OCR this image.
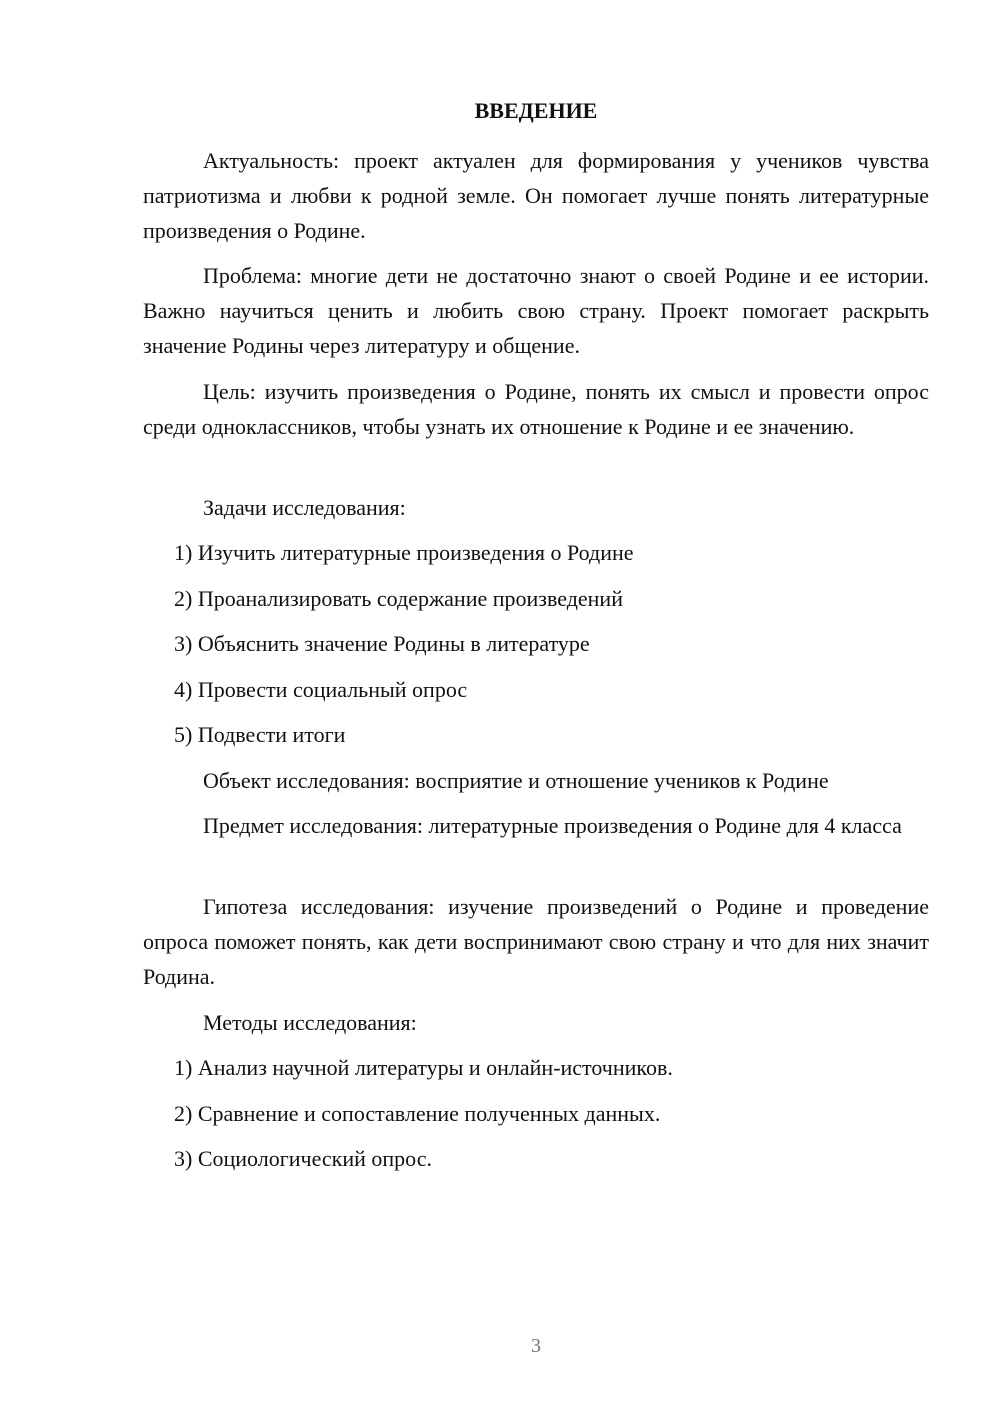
ВВЕДЕНИЕ
Актуальность: проект актуален для формирования у учеников чувства патриотизма и любви к родной земле. Он помогает лучше понять литературные произведения о Родине.
Проблема: многие дети не достаточно знают о своей Родине и ее истории. Важно научиться ценить и любить свою страну. Проект помогает раскрыть значение Родины через литературу и общение.
Цель: изучить произведения о Родине, понять их смысл и провести опрос среди одноклассников, чтобы узнать их отношение к Родине и ее значению.
Задачи исследования:
1) Изучить литературные произведения о Родине
2) Проанализировать содержание произведений
3) Объяснить значение Родины в литературе
4) Провести социальный опрос
5) Подвести итоги
Объект исследования: восприятие и отношение учеников к Родине
Предмет исследования: литературные произведения о Родине для 4 класса
Гипотеза исследования: изучение произведений о Родине и проведение опроса поможет понять, как дети воспринимают свою страну и что для них значит Родина.
Методы исследования:
1) Анализ научной литературы и онлайн-источников.
2) Сравнение и сопоставление полученных данных.
3) Социологический опрос.
3
